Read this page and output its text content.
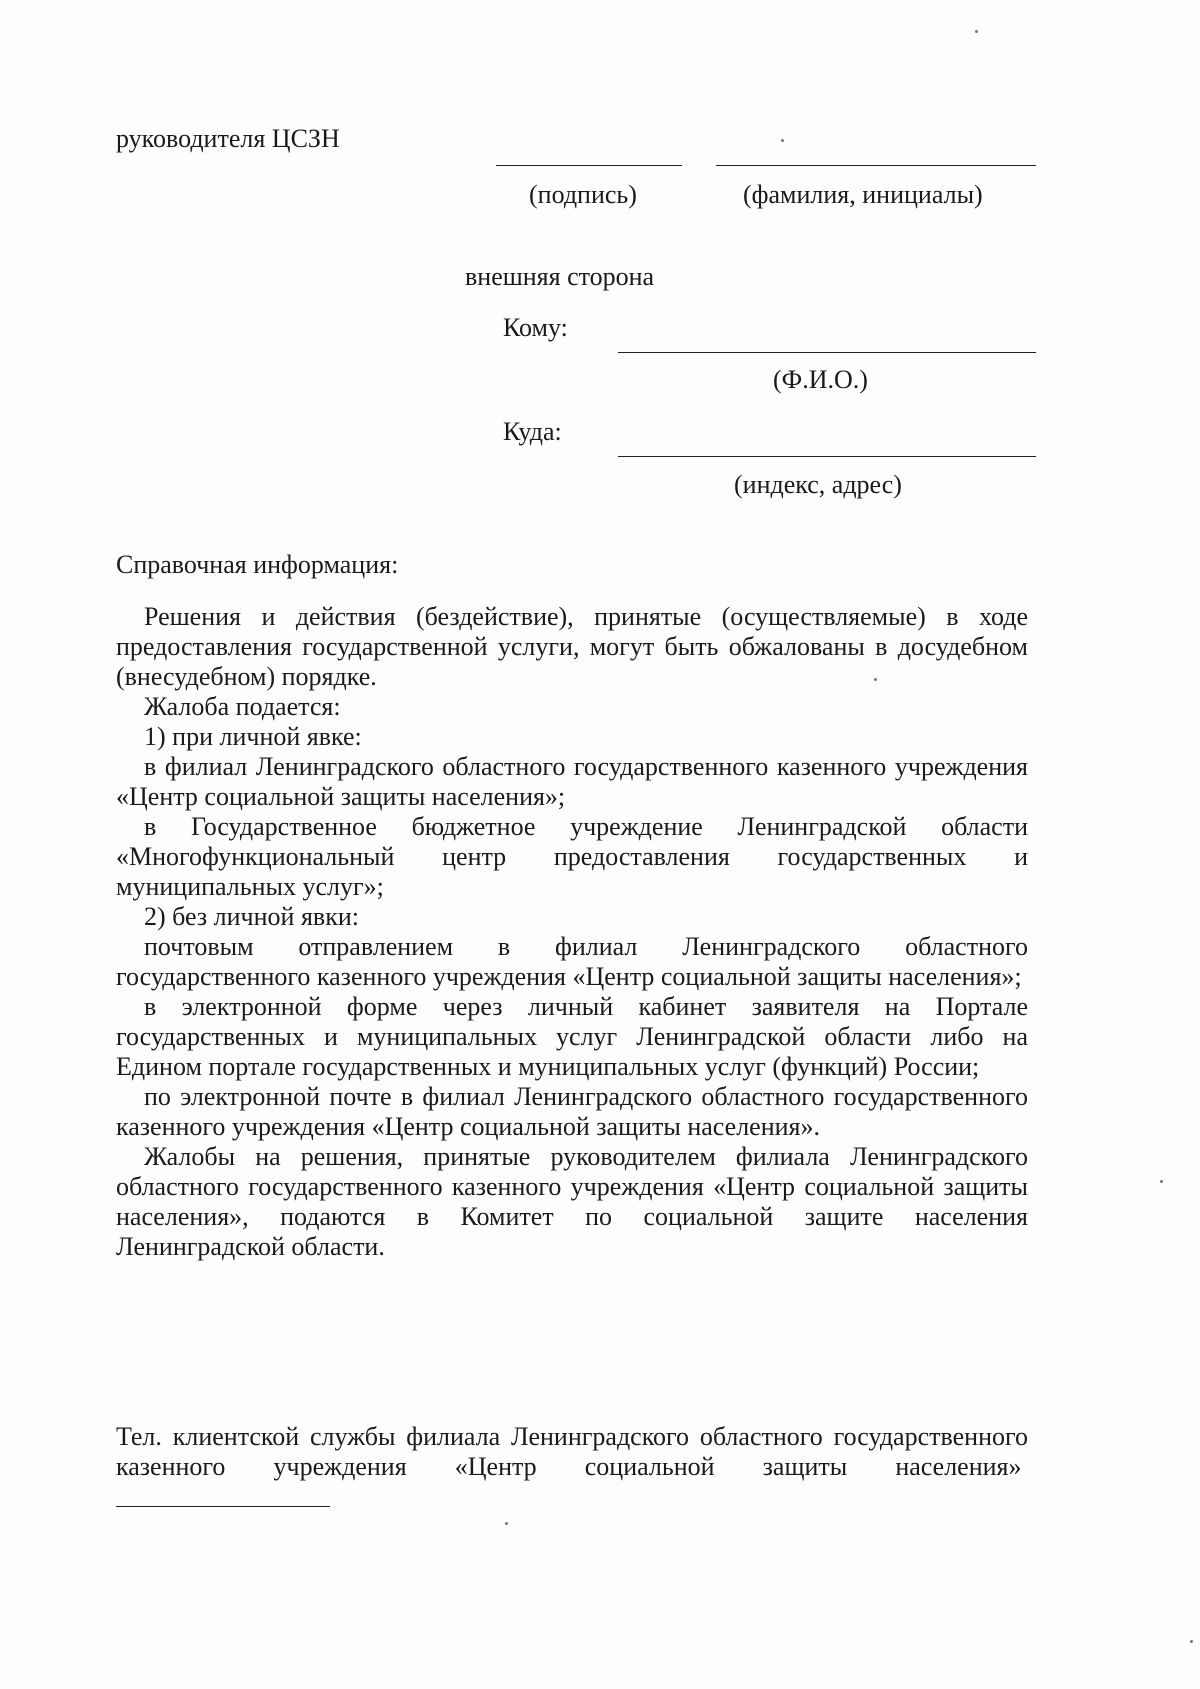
руководителя ЦСЗН
(подпись)	(фамилия, инициалы)
внешняя сторона
Кому:
(Ф.И.О.)
Куда:
(индекс, адрес)
Справочная информация:

Решения и действия (бездействие), принятые (осуществляемые) в ходе предоставления государственной услуги, могут быть обжалованы в досудебном (внесудебном) порядке.

Жалоба подается:

1) при личной явке:

в филиал Ленинградского областного государственного казенного учреждения «Центр социальной защиты населения»;

в Государственное бюджетное учреждение Ленинградской области «Многофункциональный центр предоставления государственных и муниципальных услуг»;

2) без личной явки:

почтовым отправлением в филиал Ленинградского областного государственного казенного учреждения «Центр социальной защиты населения»;

в электронной форме через личный кабинет заявителя на Портале государственных и муниципальных услуг Ленинградской области либо на Едином портале государственных и муниципальных услуг (функций) России;

по электронной почте в филиал Ленинградского областного государственного казенного учреждения «Центр социальной защиты населения».

Жалобы на решения, принятые руководителем филиала Ленинградского областного государственного казенного учреждения «Центр социальной защиты населения», подаются в Комитет по социальной защите населения Ленинградской области.

Тел. клиентской службы филиала Ленинградского областного государственного казенного учреждения «Центр социальной защиты населения»
